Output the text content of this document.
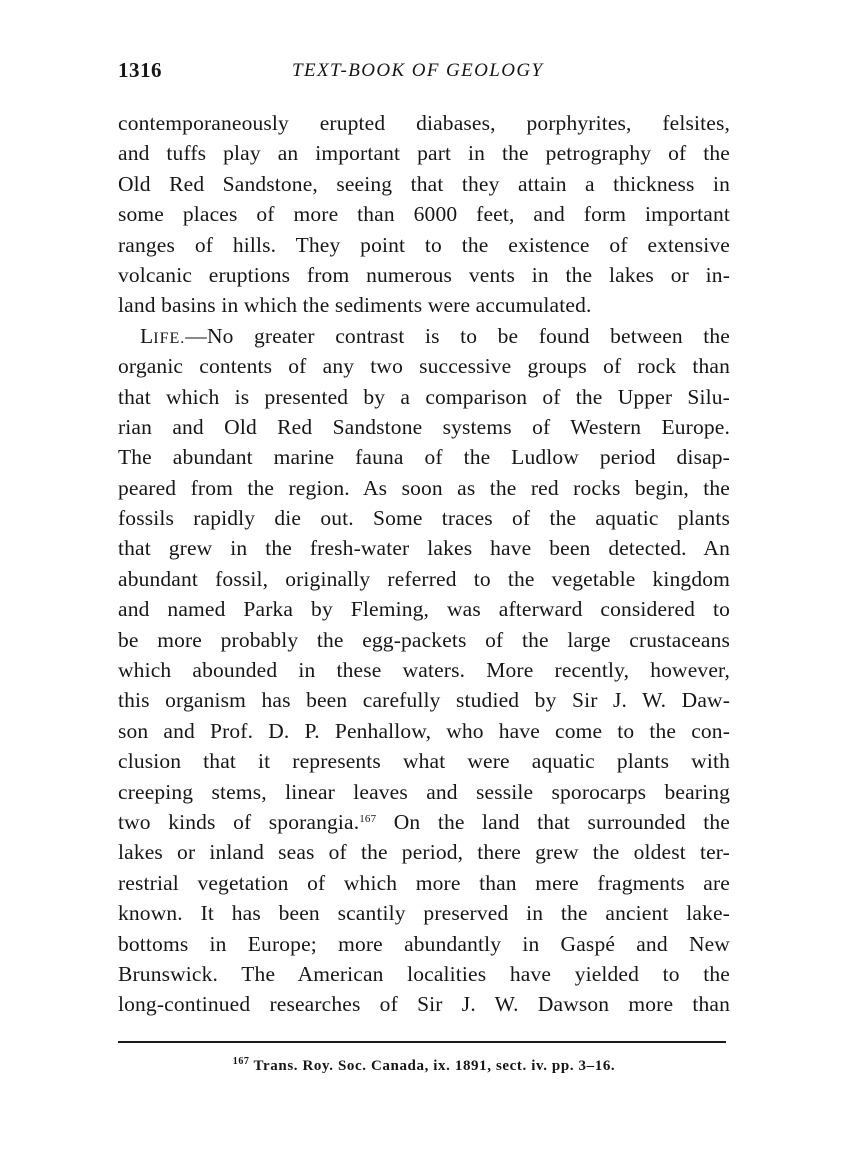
1316	TEXT-BOOK OF GEOLOGY
contemporaneously erupted diabases, porphyrites, felsites,
and tuffs play an important part in the petrography of the
Old Red Sandstone, seeing that they attain a thickness in
some places of more than 6000 feet, and form important
ranges of hills. They point to the existence of extensive
volcanic eruptions from numerous vents in the lakes or in-
land basins in which the sediments were accumulated.
LIFE.—No greater contrast is to be found between the
organic contents of any two successive groups of rock than
that which is presented by a comparison of the Upper Silu-
rian and Old Red Sandstone systems of Western Europe.
The abundant marine fauna of the Ludlow period disap-
peared from the region. As soon as the red rocks begin, the
fossils rapidly die out. Some traces of the aquatic plants
that grew in the fresh-water lakes have been detected. An
abundant fossil, originally referred to the vegetable kingdom
and named Parka by Fleming, was afterward considered to
be more probably the egg-packets of the large crustaceans
which abounded in these waters. More recently, however,
this organism has been carefully studied by Sir J. W. Daw-
son and Prof. D. P. Penhallow, who have come to the con-
clusion that it represents what were aquatic plants with
creeping stems, linear leaves and sessile sporocarps bearing
two kinds of sporangia.$^{167}$ On the land that surrounded the
lakes or inland seas of the period, there grew the oldest ter-
restrial vegetation of which more than mere fragments are
known. It has been scantily preserved in the ancient lake-
bottoms in Europe; more abundantly in Gaspé and New
Brunswick. The American localities have yielded to the
long-continued researches of Sir J. W. Dawson more than
$^{167}$ Trans. Roy. Soc. Canada, ix. 1891, sect. iv. pp. 3–16.
